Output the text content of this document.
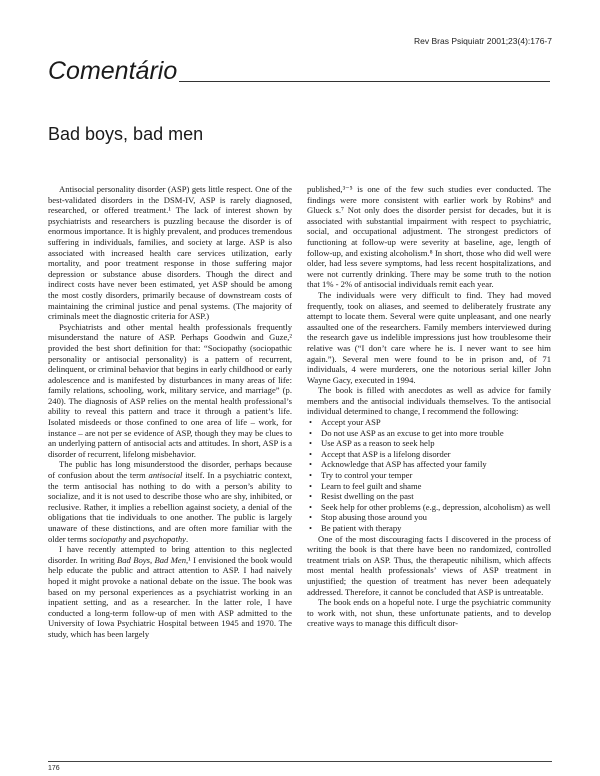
Rev Bras Psiquiatr 2001;23(4):176-7
Comentário
Bad boys, bad men

Antisocial personality disorder (ASP) gets little respect. One of the best-validated disorders in the DSM-IV, ASP is rarely diagnosed, researched, or offered treatment.¹ The lack of interest shown by psychiatrists and researchers is puzzling because the disorder is of enormous importance. It is highly prevalent, and produces tremendous suffering in individuals, families, and society at large. ASP is also associated with increased health care services utilization, early mortality, and poor treatment response in those suffering major depression or substance abuse disorders. Though the direct and indirect costs have never been estimated, yet ASP should be among the most costly disorders, primarily because of downstream costs of maintaining the criminal justice and penal systems. (The majority of criminals meet the diagnostic criteria for ASP.)

Psychiatrists and other mental health professionals frequently misunderstand the nature of ASP. Perhaps Goodwin and Guze,² provided the best short definition for that: “Sociopathy (sociopathic personality or antisocial personality) is a pattern of recurrent, delinquent, or criminal behavior that begins in early childhood or early adolescence and is manifested by disturbances in many areas of life: family relations, schooling, work, military service, and marriage” (p. 240). The diagnosis of ASP relies on the mental health professional’s ability to reveal this pattern and trace it through a patient’s life. Isolated misdeeds or those confined to one area of life – work, for instance – are not per se evidence of ASP, though they may be clues to an underlying pattern of antisocial acts and attitudes. In short, ASP is a disorder of recurrent, lifelong misbehavior.

The public has long misunderstood the disorder, perhaps because of confusion about the term antisocial itself. In a psychiatric context, the term antisocial has nothing to do with a person’s ability to socialize, and it is not used to describe those who are shy, inhibited, or reclusive. Rather, it implies a rebellion against society, a denial of the obligations that tie individuals to one another. The public is largely unaware of these distinctions, and are often more familiar with the older terms sociopathy and psychopathy.

I have recently attempted to bring attention to this neglected disorder. In writing Bad Boys, Bad Men,¹ I envisioned the book would help educate the public and attract attention to ASP. I had naively hoped it might provoke a national debate on the issue. The book was based on my personal experiences as a psychiatrist working in an inpatient setting, and as a researcher. In the latter role, I have conducted a long-term follow-up of men with ASP admitted to the University of Iowa Psychiatric Hospital between 1945 and 1970. The study, which has been largely

published,³⁻⁵ is one of the few such studies ever conducted. The findings were more consistent with earlier work by Robins⁶ and Glueck s.⁷ Not only does the disorder persist for decades, but it is associated with substantial impairment with respect to psychiatric, social, and occupational adjustment. The strongest predictors of functioning at follow-up were severity at baseline, age, length of follow-up, and existing alcoholism.⁸ In short, those who did well were older, had less severe symptoms, had less recent hospitalizations, and were not currently drinking. There may be some truth to the notion that 1% - 2% of antisocial individuals remit each year.

The individuals were very difficult to find. They had moved frequently, took on aliases, and seemed to deliberately frustrate any attempt to locate them. Several were quite unpleasant, and one nearly assaulted one of the researchers. Family members interviewed during the research gave us indelible impressions just how troublesome their relative was (“I don’t care where he is. I never want to see him again.”). Several men were found to be in prison and, of 71 individuals, 4 were murderers, one the notorious serial killer John Wayne Gacy, executed in 1994.

The book is filled with anecdotes as well as advice for family members and the antisocial individuals themselves. To the antisocial individual determined to change, I recommend the following:

• Accept your ASP
• Do not use ASP as an excuse to get into more trouble
• Use ASP as a reason to seek help
• Accept that ASP is a lifelong disorder
• Acknowledge that ASP has affected your family
• Try to control your temper
• Learn to feel guilt and shame
• Resist dwelling on the past
• Seek help for other problems (e.g., depression, alcoholism) as well
• Stop abusing those around you
• Be patient with therapy

One of the most discouraging facts I discovered in the process of writing the book is that there have been no randomized, controlled treatment trials on ASP. Thus, the therapeutic nihilism, which affects most mental health professionals’ views of ASP treatment in unjustified; the question of treatment has never been adequately addressed. Therefore, it cannot be concluded that ASP is untreatable.

The book ends on a hopeful note. I urge the psychiatric community to work with, not shun, these unfortunate patients, and to develop creative ways to manage this difficult disor-

176
